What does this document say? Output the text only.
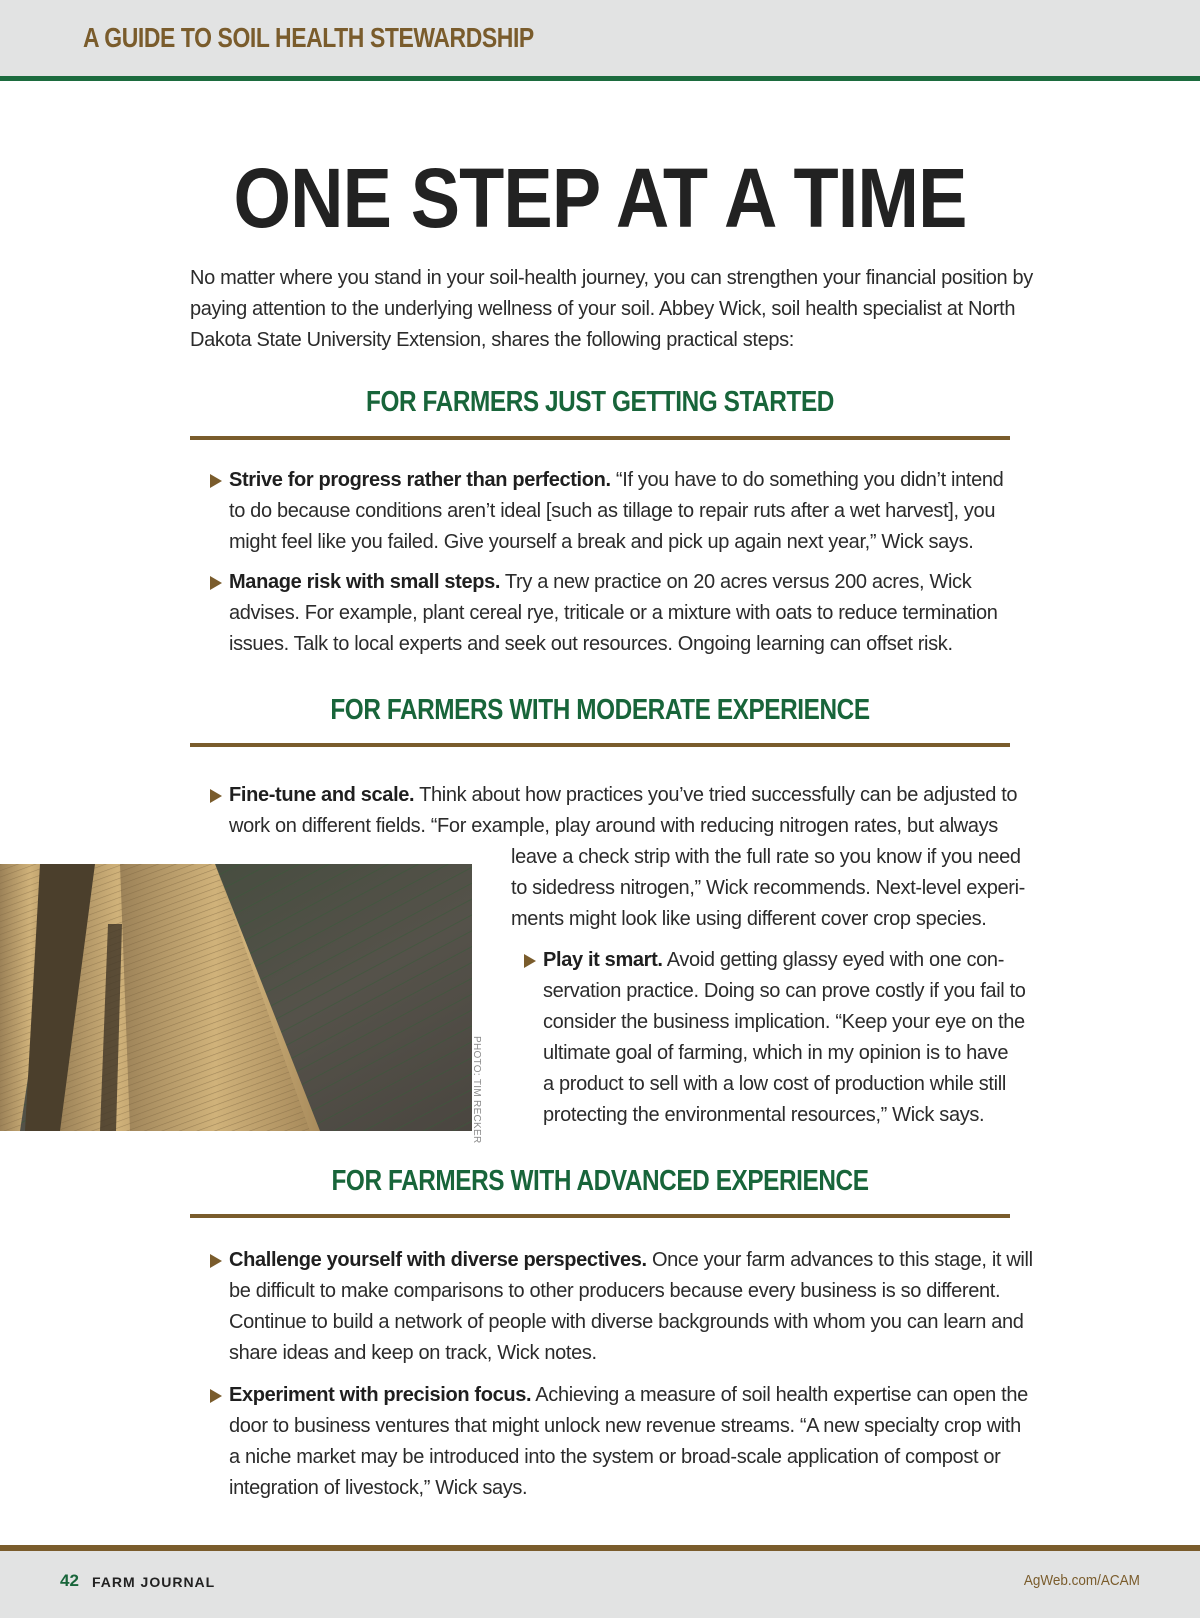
A GUIDE TO SOIL HEALTH STEWARDSHIP
ONE STEP AT A TIME
No matter where you stand in your soil-health journey, you can strengthen your financial position by
paying attention to the underlying wellness of your soil. Abbey Wick, soil health specialist at North
Dakota State University Extension, shares the following practical steps:
FOR FARMERS JUST GETTING STARTED
Strive for progress rather than perfection. “If you have to do something you didn’t intend
to do because conditions aren’t ideal [such as tillage to repair ruts after a wet harvest], you
might feel like you failed. Give yourself a break and pick up again next year,” Wick says.
Manage risk with small steps. Try a new practice on 20 acres versus 200 acres, Wick
advises. For example, plant cereal rye, triticale or a mixture with oats to reduce termination
issues. Talk to local experts and seek out resources. Ongoing learning can offset risk.
FOR FARMERS WITH MODERATE EXPERIENCE
Fine-tune and scale. Think about how practices you’ve tried successfully can be adjusted to
work on different fields. “For example, play around with reducing nitrogen rates, but always
leave a check strip with the full rate so you know if you need
to sidedress nitrogen,” Wick recommends. Next-level experi-
ments might look like using different cover crop species.
Play it smart. Avoid getting glassy eyed with one con-
servation practice. Doing so can prove costly if you fail to
consider the business implication. “Keep your eye on the
ultimate goal of farming, which in my opinion is to have
a product to sell with a low cost of production while still
protecting the environmental resources,” Wick says.
PHOTO: TIM RECKER
FOR FARMERS WITH ADVANCED EXPERIENCE
Challenge yourself with diverse perspectives. Once your farm advances to this stage, it will
be difficult to make comparisons to other producers because every business is so different.
Continue to build a network of people with diverse backgrounds with whom you can learn and
share ideas and keep on track, Wick notes.
Experiment with precision focus. Achieving a measure of soil health expertise can open the
door to business ventures that might unlock new revenue streams. “A new specialty crop with
a niche market may be introduced into the system or broad-scale application of compost or
integration of livestock,” Wick says.
42 FARM JOURNAL	AgWeb.com/ACAM
